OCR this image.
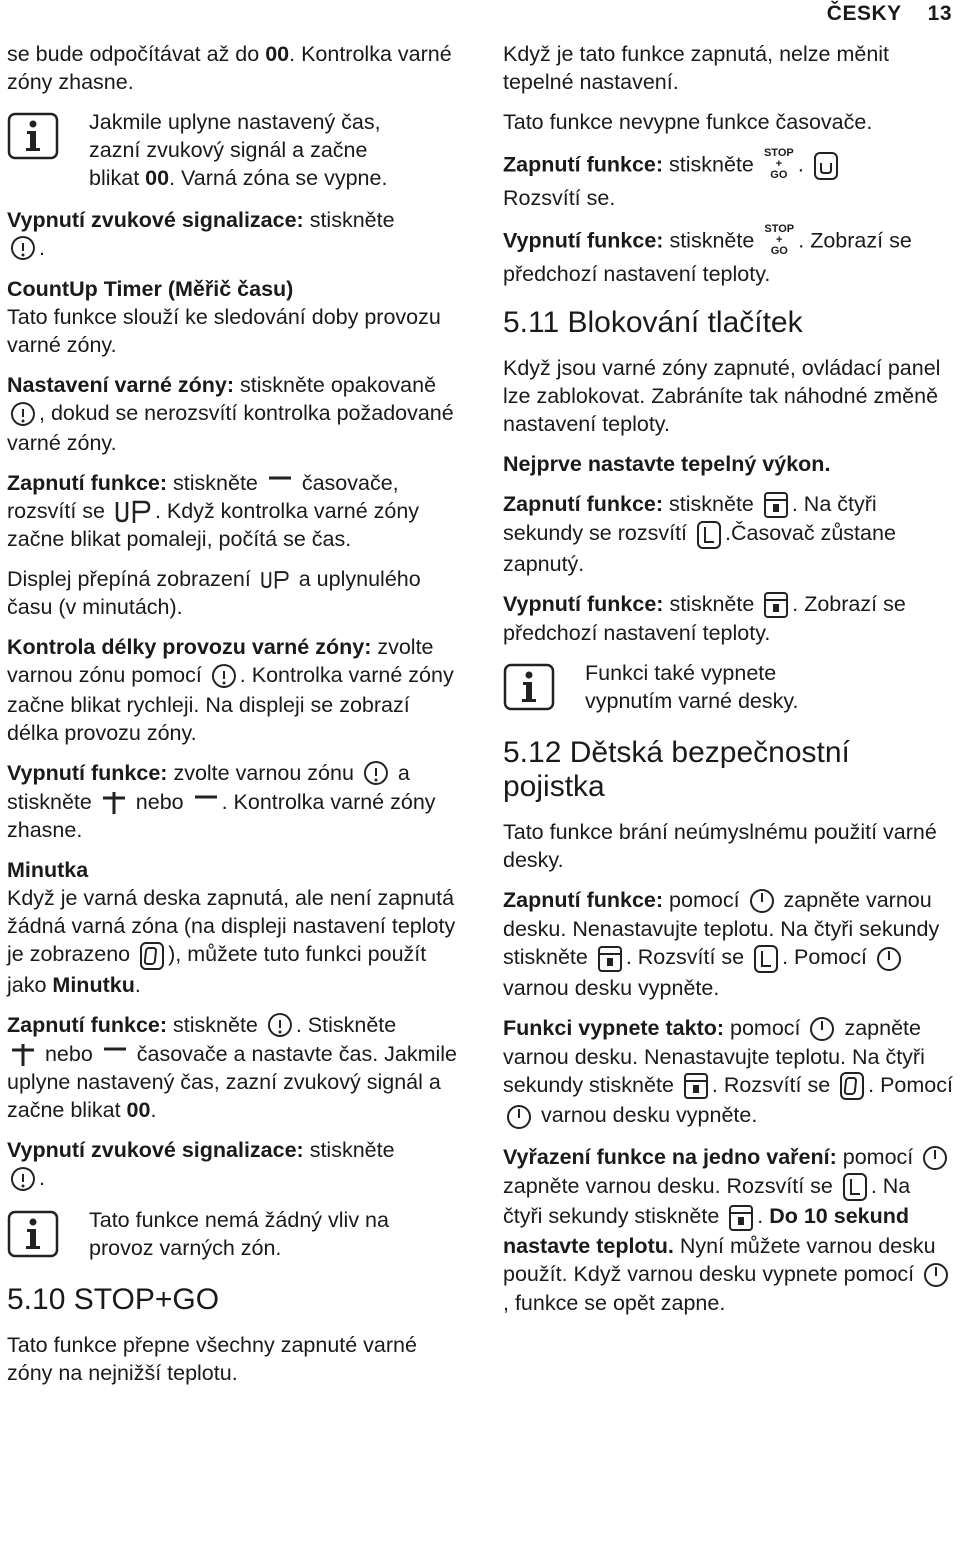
ČESKY 13

se bude odpočítávat až do 00. Kontrolka varné zóny zhasne.

Jakmile uplyne nastavený čas, zazní zvukový signál a začne blikat 00. Varná zóna se vypne.

Vypnutí zvukové signalizace: stiskněte

.

CountUp Timer (Měřič času)

Tato funkce slouží ke sledování doby provozu varné zóny.

Nastavení varné zóny: stiskněte opakovaně
, dokud se nerozsvítí kontrolka požadované varné zóny.

Zapnutí funkce: stiskněte
časovače, rozsvítí se
. Když kontrolka varné zóny začne blikat pomaleji, počítá se čas.

Displej přepíná zobrazení
a uplynulého času (v minutách).

Kontrola délky provozu varné zóny: zvolte varnou zónu pomocí
. Kontrolka varné zóny začne blikat rychleji. Na displeji se zobrazí délka provozu zóny.

Vypnutí funkce: zvolte varnou zónu
a stiskněte
nebo
. Kontrolka varné zóny zhasne.

Minutka

Když je varná deska zapnutá, ale není zapnutá žádná varná zóna (na displeji nastavení teploty je zobrazeno
), můžete tuto funkci použít jako Minutku.

Zapnutí funkce: stiskněte
. Stiskněte

nebo
časovače a nastavte čas. Jakmile uplyne nastavený čas, zazní zvukový signál a začne blikat 00.

Vypnutí zvukové signalizace: stiskněte

.

Tato funkce nemá žádný vliv na provoz varných zón.
5.10 STOP+GO

Tato funkce přepne všechny zapnuté varné zóny na nejnižší teplotu.

Když je tato funkce zapnutá, nelze měnit tepelné nastavení.

Tato funkce nevypne funkce časovače.

Zapnutí funkce: stiskněte STOP
+
GO .

Rozsvítí se.

Vypnutí funkce: stiskněte STOP
+
GO . Zobrazí se předchozí nastavení teploty.

5.11 Blokování tlačítek

Když jsou varné zóny zapnuté, ovládací panel lze zablokovat. Zabráníte tak náhodné změně nastavení teploty.

Nejprve nastavte tepelný výkon.

Zapnutí funkce: stiskněte
. Na čtyři sekundy se rozsvítí
.Časovač zůstane zapnutý.

Vypnutí funkce: stiskněte
. Zobrazí se předchozí nastavení teploty.

Funkci také vypnete vypnutím varné desky.
5.12 Dětská bezpečnostní pojistka

Tato funkce brání neúmyslnému použití varné desky.

Zapnutí funkce: pomocí
zapněte varnou desku. Nenastavujte teplotu. Na čtyři sekundy stiskněte
. Rozsvítí se
. Pomocí
varnou desku vypněte.

Funkci vypnete takto: pomocí
zapněte varnou desku. Nenastavujte teplotu. Na čtyři sekundy stiskněte
. Rozsvítí se
. Pomocí
varnou desku vypněte.

Vyřazení funkce na jedno vaření: pomocí
zapněte varnou desku. Rozsvítí se
. Na čtyři sekundy stiskněte
. Do 10 sekund nastavte teplotu. Nyní můžete varnou desku použít. Když varnou desku vypnete pomocí
, funkce se opět zapne.
